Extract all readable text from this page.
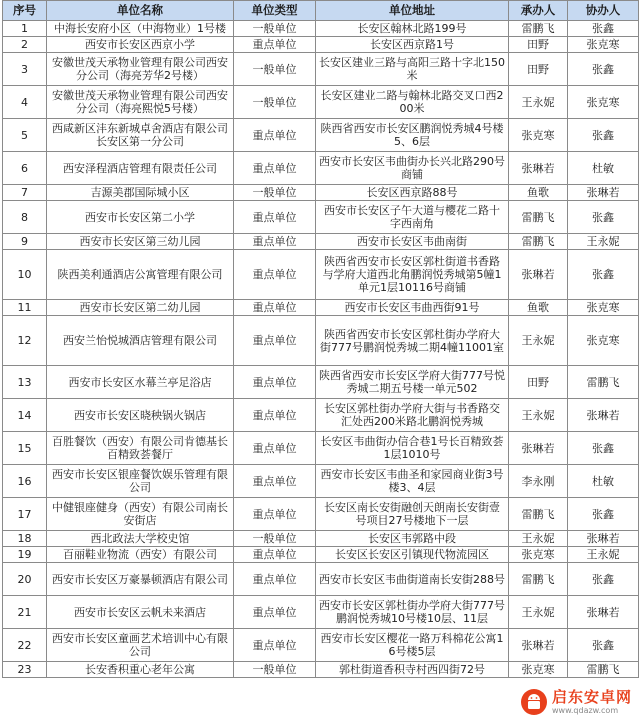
序号	单位名称	单位类型	单位地址	承办人	协办人
1	中海长安府小区（中海物业）1号楼	一般单位	长安区翰林北路199号	雷鹏飞	张鑫
2	西安市长安区西京小学	重点单位	长安区西京路1号	田野	张克寒
3	安徽世茂天承物业管理有限公司西安分公司（海亮芳华2号楼）	一般单位	长安区建业三路与高阳三路十字北150米	田野	张鑫
4	安徽世茂天承物业管理有限公司西安分公司（海亮熙悦5号楼）	一般单位	长安区建业二路与翰林北路交叉口西200米	王永妮	张克寒
5	西咸新区沣东新城卓舍酒店有限公司长安区第一分公司	重点单位	陕西省西安市长安区鹏润悦秀城4号楼5、6层	张克寒	张鑫
6	西安泽程酒店管理有限责任公司	重点单位	西安市长安区韦曲街办长兴北路290号商铺	张琳若	杜敏
7	吉源美郡国际城小区	一般单位	长安区西京路88号	鱼歌	张琳若
8	西安市长安区第二小学	重点单位	西安市长安区子午大道与樱花二路十字西南角	雷鹏飞	张鑫
9	西安市长安区第三幼儿园	重点单位	西安市长安区韦曲南街	雷鹏飞	王永妮
10	陕西美利通酒店公寓管理有限公司	重点单位	陕西省西安市长安区郭杜街道书香路与学府大道西北角鹏润悦秀城第5幢1单元1层10116号商铺	张琳若	张鑫
11	西安市长安区第二幼儿园	重点单位	西安市长安区韦曲西街91号	鱼歌	张克寒
12	西安兰怡悦城酒店管理有限公司	重点单位	陕西省西安市长安区郭杜街办学府大街777号鹏润悦秀城二期4幢11001室	王永妮	张克寒
13	西安市长安区水幕兰亭足浴店	重点单位	陕西省西安市长安区学府大街777号悦秀城二期五号楼一单元502	田野	雷鹏飞
14	西安市长安区晓秧锅火锅店	重点单位	长安区郭杜街办学府大街与书香路交汇处西200米路北鹏润悦秀城	王永妮	张琳若
15	百胜餐饮（西安）有限公司肯德基长百精致荟餐厅	重点单位	长安区韦曲街办信合巷1号长百精致荟1层1010号	张琳若	张鑫
16	西安市长安区银座餐饮娱乐管理有限公司	重点单位	西安市长安区韦曲圣和家园商业街3号楼3、4层	李永刚	杜敏
17	中健银座健身（西安）有限公司南长安街店	重点单位	长安区南长安街融创天朗南长安街壹号项目27号楼地下一层	雷鹏飞	张鑫
18	西北政法大学校史馆	一般单位	长安区韦郭路中段	王永妮	张琳若
19	百丽鞋业物流（西安）有限公司	重点单位	长安区长安区引镇现代物流园区	张克寒	王永妮
20	西安市长安区万豪暴顿酒店有限公司	重点单位	西安市长安区韦曲街道南长安街288号	雷鹏飞	张鑫
21	西安市长安区云帆未来酒店	重点单位	西安市长安区郭杜街办学府大街777号鹏润悦秀城10号楼10层、11层	王永妮	张琳若
22	西安市长安区童画艺术培训中心有限公司	重点单位	西安市长安区樱花一路万科棉花公寓16号楼5层	张琳若	张鑫
23	长安香积重心老年公寓	一般单位	郭杜街道香积寺村西四街72号	张克寒	雷鹏飞
启东安卓网
www.qdazw.com
